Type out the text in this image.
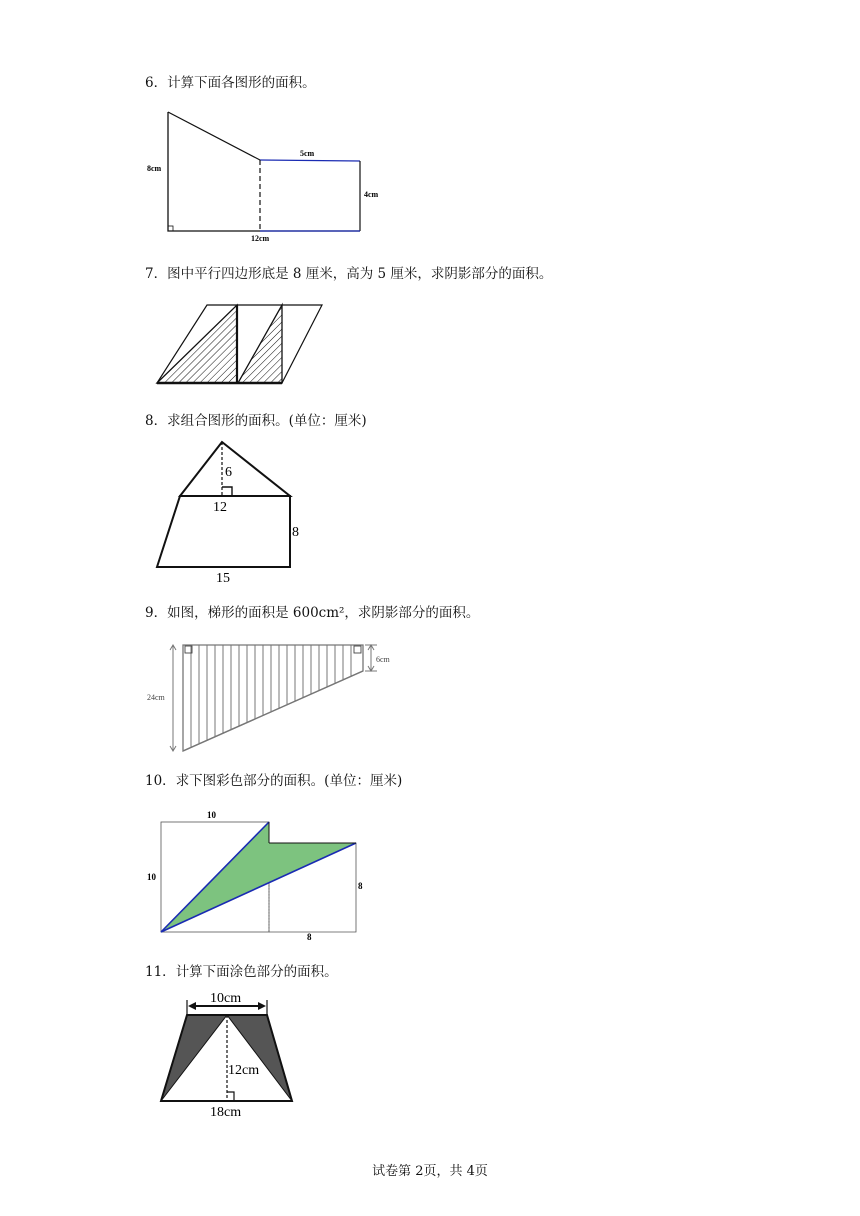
6．计算下面各图形的面积。
8cm
5cm
4cm
12cm
7．图中平行四边形底是 8 厘米，高为 5 厘米，求阴影部分的面积。
8．求组合图形的面积。(单位：厘米)
6
12
8
15
9．如图，梯形的面积是 600cm²，求阴影部分的面积。
24cm
6cm
10．求下图彩色部分的面积。(单位：厘米)
10
10
8
8
11．计算下面涂色部分的面积。
10cm
12cm
18cm
试卷第 2页，共 4页
